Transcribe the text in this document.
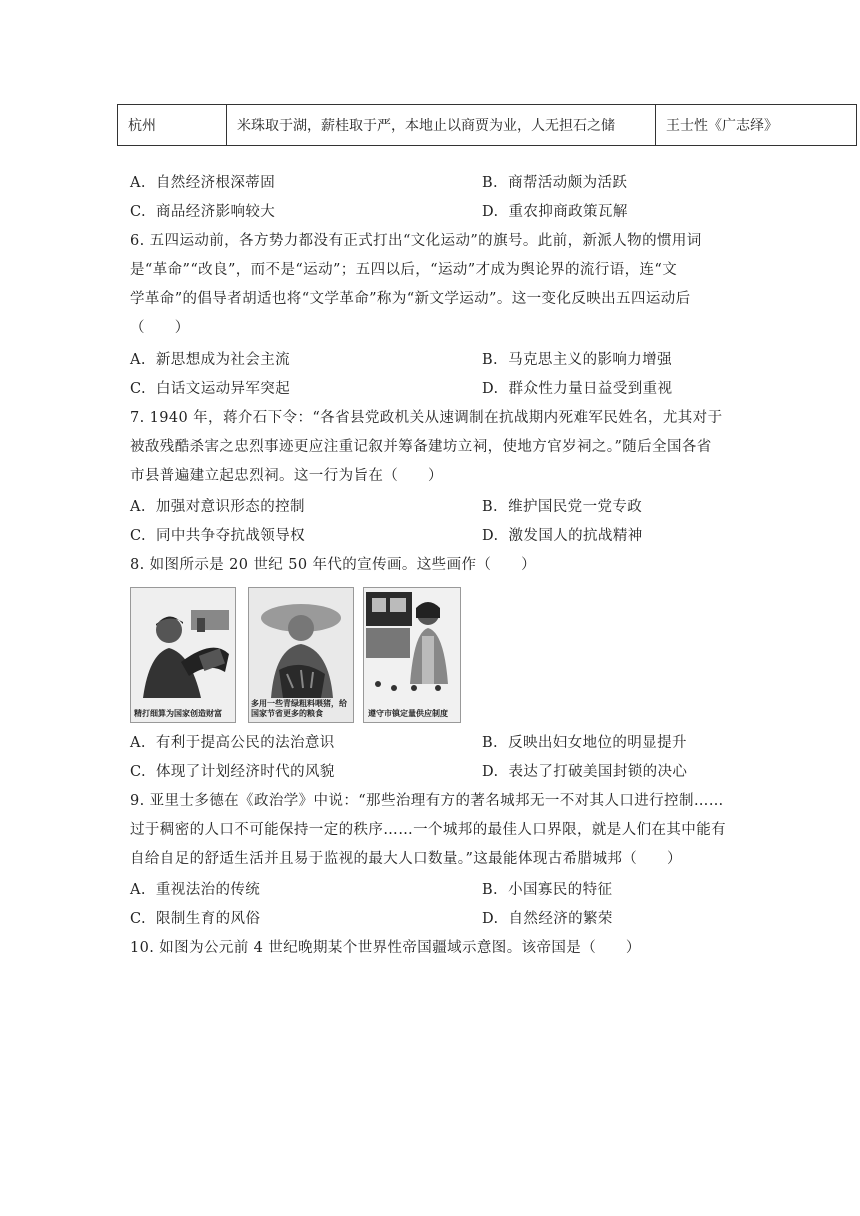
杭州	米珠取于湖，薪桂取于严，本地止以商贾为业，人无担石之储	王士性《广志绎》
A. 自然经济根深蒂固	B. 商帮活动颇为活跃
C. 商品经济影响较大	D. 重农抑商政策瓦解
6. 五四运动前，各方势力都没有正式打出“文化运动”的旗号。此前，新派人物的惯用词
是“革命”“改良”，而不是“运动”；五四以后，“运动”才成为舆论界的流行语，连“文
学革命”的倡导者胡适也将“文学革命”称为“新文学运动”。这一变化反映出五四运动后
（　　）
A. 新思想成为社会主流	B. 马克思主义的影响力增强
C. 白话文运动异军突起	D. 群众性力量日益受到重视
7. 1940 年，蒋介石下令：“各省县党政机关从速调制在抗战期内死难军民姓名，尤其对于
被敌残酷杀害之忠烈事迹更应注重记叙并筹备建坊立祠，使地方官岁祠之。”随后全国各省
市县普遍建立起忠烈祠。这一行为旨在（　　）
A. 加强对意识形态的控制	B. 维护国民党一党专政
C. 同中共争夺抗战领导权	D. 激发国人的抗战精神
8. 如图所示是 20 世纪 50 年代的宣传画。这些画作（　　）
精打细算为国家创造财富
多用一些青绿粗料喂猪，给国家节省更多的粮食	遵守市镇定量供应制度
A. 有利于提高公民的法治意识	B. 反映出妇女地位的明显提升
C. 体现了计划经济时代的风貌	D. 表达了打破美国封锁的决心
9. 亚里士多德在《政治学》中说：“那些治理有方的著名城邦无一不对其人口进行控制……
过于稠密的人口不可能保持一定的秩序……一个城邦的最佳人口界限，就是人们在其中能有
自给自足的舒适生活并且易于监视的最大人口数量。”这最能体现古希腊城邦（　　）
A. 重视法治的传统	B. 小国寡民的特征
C. 限制生育的风俗	D. 自然经济的繁荣
10. 如图为公元前 4 世纪晚期某个世界性帝国疆域示意图。该帝国是（　　）
